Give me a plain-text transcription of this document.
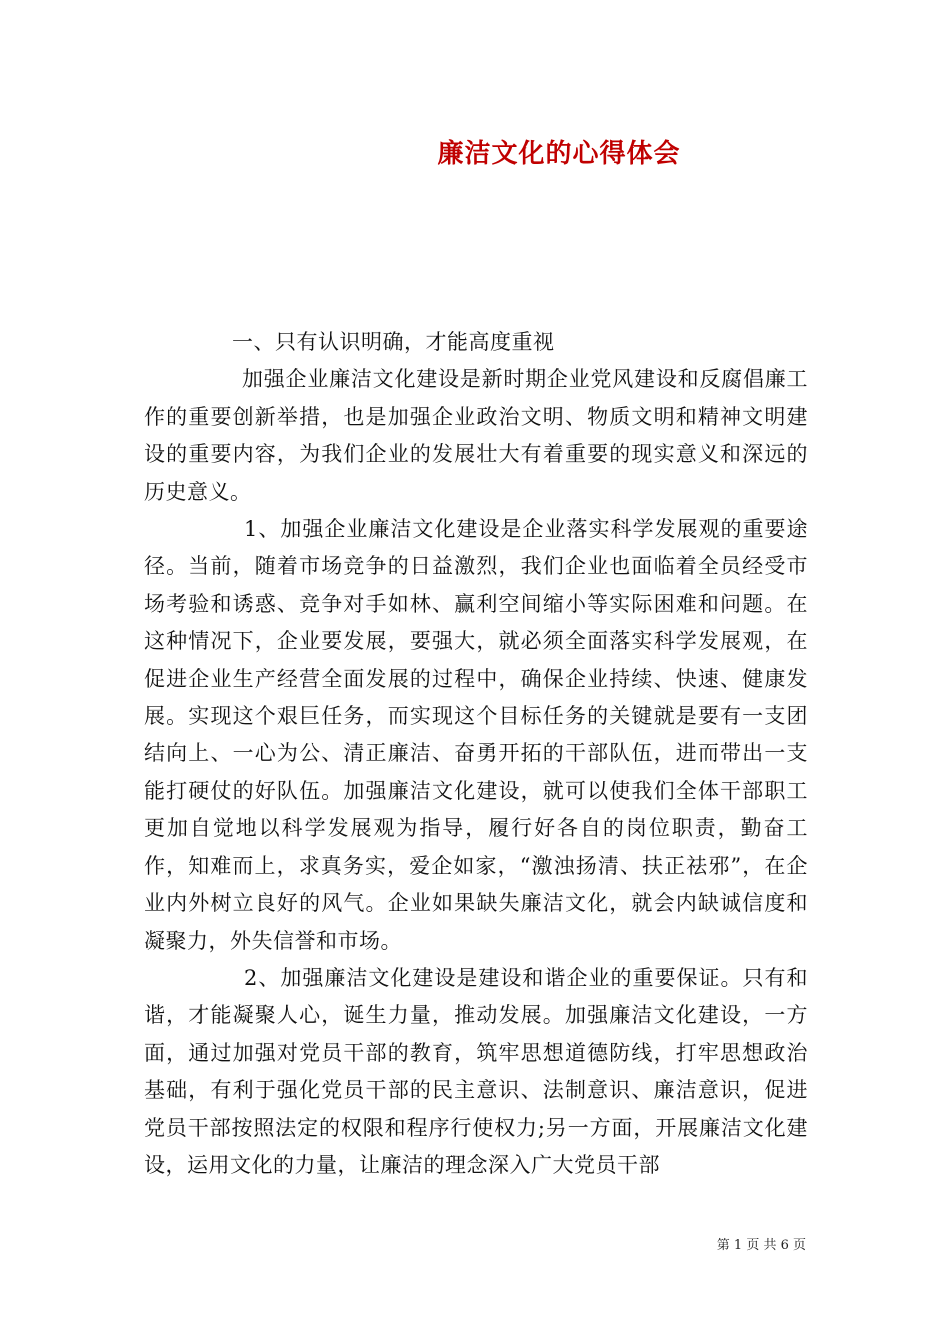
廉洁文化的心得体会

一、只有认识明确，才能高度重视

加强企业廉洁文化建设是新时期企业党风建设和反腐倡廉工作的重要创新举措，也是加强企业政治文明、物质文明和精神文明建设的重要内容，为我们企业的发展壮大有着重要的现实意义和深远的历史意义。

1、加强企业廉洁文化建设是企业落实科学发展观的重要途径。当前，随着市场竞争的日益激烈，我们企业也面临着全员经受市场考验和诱惑、竞争对手如林、赢利空间缩小等实际困难和问题。在这种情况下，企业要发展，要强大，就必须全面落实科学发展观，在促进企业生产经营全面发展的过程中，确保企业持续、快速、健康发展。实现这个艰巨任务，而实现这个目标任务的关键就是要有一支团结向上、一心为公、清正廉洁、奋勇开拓的干部队伍，进而带出一支能打硬仗的好队伍。加强廉洁文化建设，就可以使我们全体干部职工更加自觉地以科学发展观为指导，履行好各自的岗位职责，勤奋工作，知难而上，求真务实，爱企如家，“激浊扬清、扶正祛邪”，在企业内外树立良好的风气。企业如果缺失廉洁文化，就会内缺诚信度和凝聚力，外失信誉和市场。

2、加强廉洁文化建设是建设和谐企业的重要保证。只有和谐，才能凝聚人心，诞生力量，推动发展。加强廉洁文化建设，一方面，通过加强对党员干部的教育，筑牢思想道德防线，打牢思想政治基础，有利于强化党员干部的民主意识、法制意识、廉洁意识，促进党员干部按照法定的权限和程序行使权力;另一方面，开展廉洁文化建设，运用文化的力量，让廉洁的理念深入广大党员干部

第 1 页 共 6 页
